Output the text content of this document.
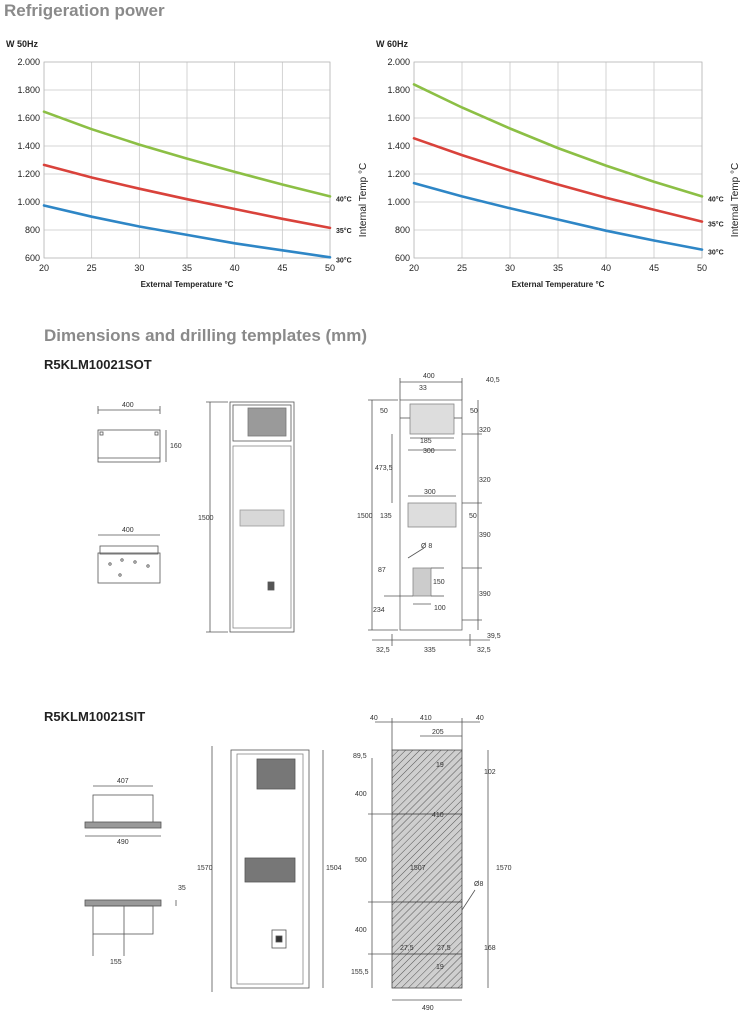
Refrigeration power
600
800
1.000
1.200
1.400
1.600
1.800
2.000
20	25	30	35	40	45	50
W 50Hz
External Temperature °C
Internal Temp °C
40°C
35°C
30°C	600
800
1.000
1.200
1.400
1.600
1.800
2.000
20	25	30	35	40	45	50
W 60Hz
External Temperature °C
Internal Temp °C
40°C
35°C
30°C
Dimensions and drilling templates (mm)
R5KLM10021SOT
R5KLM10021SIT
400
160
400
1500
400
33
40,5
50	50
320
185
300
473,5
320
1500
300
135	50
390
Ø 8
87
150
234	100
390
39,5
32,5	335	32,5
407
490
35
155
1570	1504
40	410	40
205
89,5
19
102
400
410
500
1507	1570
Ø8
400
27,5	27,5	168
155,5
19
490
